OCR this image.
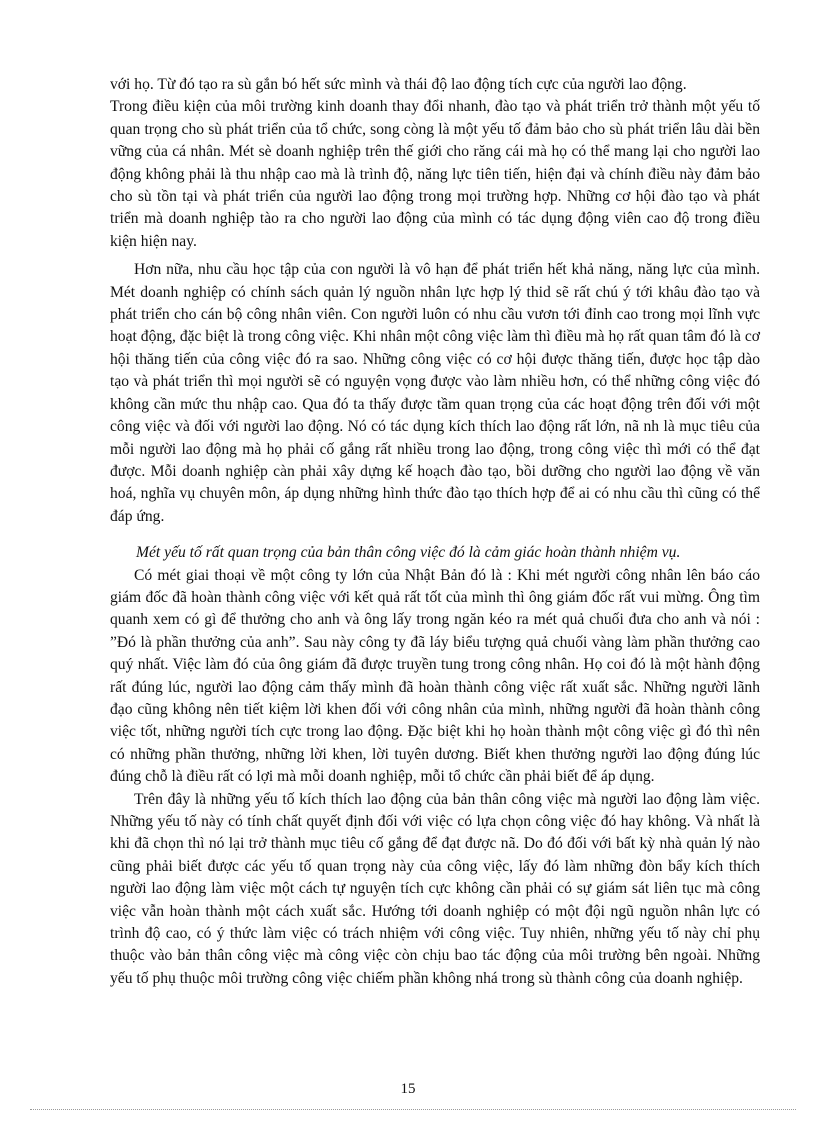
với họ. Từ đó tạo ra sù gắn bó hết sức mình và thái độ lao động tích cực của người lao động.

Trong điều kiện của môi trường kinh doanh thay đổi nhanh, đào tạo và phát triển trở thành một yếu tố quan trọng cho sù phát triển của tổ chức, song còng là một yếu tố đảm bảo cho sù phát triển lâu dài bền vững của cá nhân. Mét sè doanh nghiệp trên thế giới cho răng cái mà họ có thể mang lại cho người lao động không phải là thu nhập cao mà là trình độ, năng lực tiên tiến, hiện đại và chính điều này đảm bảo cho sù tồn tại và phát triển của người lao động trong mọi trường hợp. Những cơ hội đào tạo và phát triển mà doanh nghiệp tào ra cho người lao động của mình có tác dụng động viên cao độ trong điều kiện hiện nay.

Hơn nữa, nhu cầu học tập của con người là vô hạn để phát triển hết khả năng, năng lực của mình. Mét doanh nghiệp có chính sách quản lý nguồn nhân lực hợp lý thid sẽ rất chú ý tới khâu đào tạo và phát triển cho cán bộ công nhân viên. Con người luôn có nhu cầu vươn tới đỉnh cao trong mọi lĩnh vực hoạt động, đặc biệt là trong công việc. Khi nhân một công việc làm thì điều mà họ rất quan tâm đó là cơ hội thăng tiến của công việc đó ra sao. Những công việc có cơ hội được thăng tiến, được học tập dào tạo và phát triển thì mọi người sẽ có nguyện vọng được vào làm nhiều hơn, có thể những công việc đó không cần mức thu nhập cao. Qua đó ta thấy được tầm quan trọng của các hoạt động trên đối với một công việc và đối với người lao động. Nó có tác dụng kích thích lao động rất lớn, nã nh là mục tiêu của mỗi người lao động mà họ phải cố gắng rất nhiều trong lao động, trong công việc thì mới có thể đạt được. Mỗi doanh nghiệp càn phải xây dựng kế hoạch đào tạo, bồi dưỡng cho người lao động về văn hoá, nghĩa vụ chuyên môn, áp dụng những hình thức đào tạo thích hợp để ai có nhu cầu thì cũng có thể đáp ứng.

Mét yếu tố rất quan trọng của bản thân công việc đó là cảm giác hoàn thành nhiệm vụ.

Có mét giai thoại về một công ty lớn của Nhật Bản đó là : Khi mét người công nhân lên báo cáo giám đốc đã hoàn thành công việc với kết quả rất tốt của mình thì ông giám đốc rất vui mừng. Ông tìm quanh xem có gì để thưởng cho anh và ông lấy trong ngăn kéo ra mét quả chuối đưa cho anh và nói : ”Đó là phần thưởng của anh”. Sau này công ty đã láy biểu tượng quả chuối vàng làm phần thưởng cao quý nhất. Việc làm đó của ông giám đã được truyền tung trong công nhân. Họ coi đó là một hành động rất đúng lúc, người lao động cảm thấy mình đã hoàn thành công việc rất xuất sắc. Những người lãnh đạo cũng không nên tiết kiệm lời khen đối với công nhân của mình, những người đã hoàn thành công việc tốt, những người tích cực trong lao động. Đặc biệt khi họ hoàn thành một công việc gì đó thì nên có những phần thưởng, những lời khen, lời tuyên dương. Biết khen thưởng người lao động đúng lúc đúng chỗ là điều rất có lợi mà mỗi doanh nghiệp, mỗi tổ chức cần phải biết để áp dụng.

Trên đây là những yếu tố kích thích lao động của bản thân công việc mà người lao động làm việc. Những yếu tố này có tính chất quyết định đối với việc có lựa chọn công việc đó hay không. Và nhất là khi đã chọn thì nó lại trở thành mục tiêu cố gắng để đạt được nã. Do đó đối với bất kỳ nhà quản lý nào cũng phải biết được các yếu tố quan trọng này của công việc, lấy đó làm những đòn bẩy kích thích người lao động làm việc một cách tự nguyện tích cực không cần phải có sự giám sát liên tục mà công việc vẫn hoàn thành một cách xuất sắc. Hướng tới doanh nghiệp có một đội ngũ nguồn nhân lực có trình độ cao, có ý thức làm việc có trách nhiệm với công việc. Tuy nhiên, những yếu tố này chỉ phụ thuộc vào bản thân công việc mà công việc còn chịu bao tác động của môi trường bên ngoài. Những yếu tố phụ thuộc môi trường công việc chiếm phần không nhá trong sù thành công của doanh nghiệp.

15
